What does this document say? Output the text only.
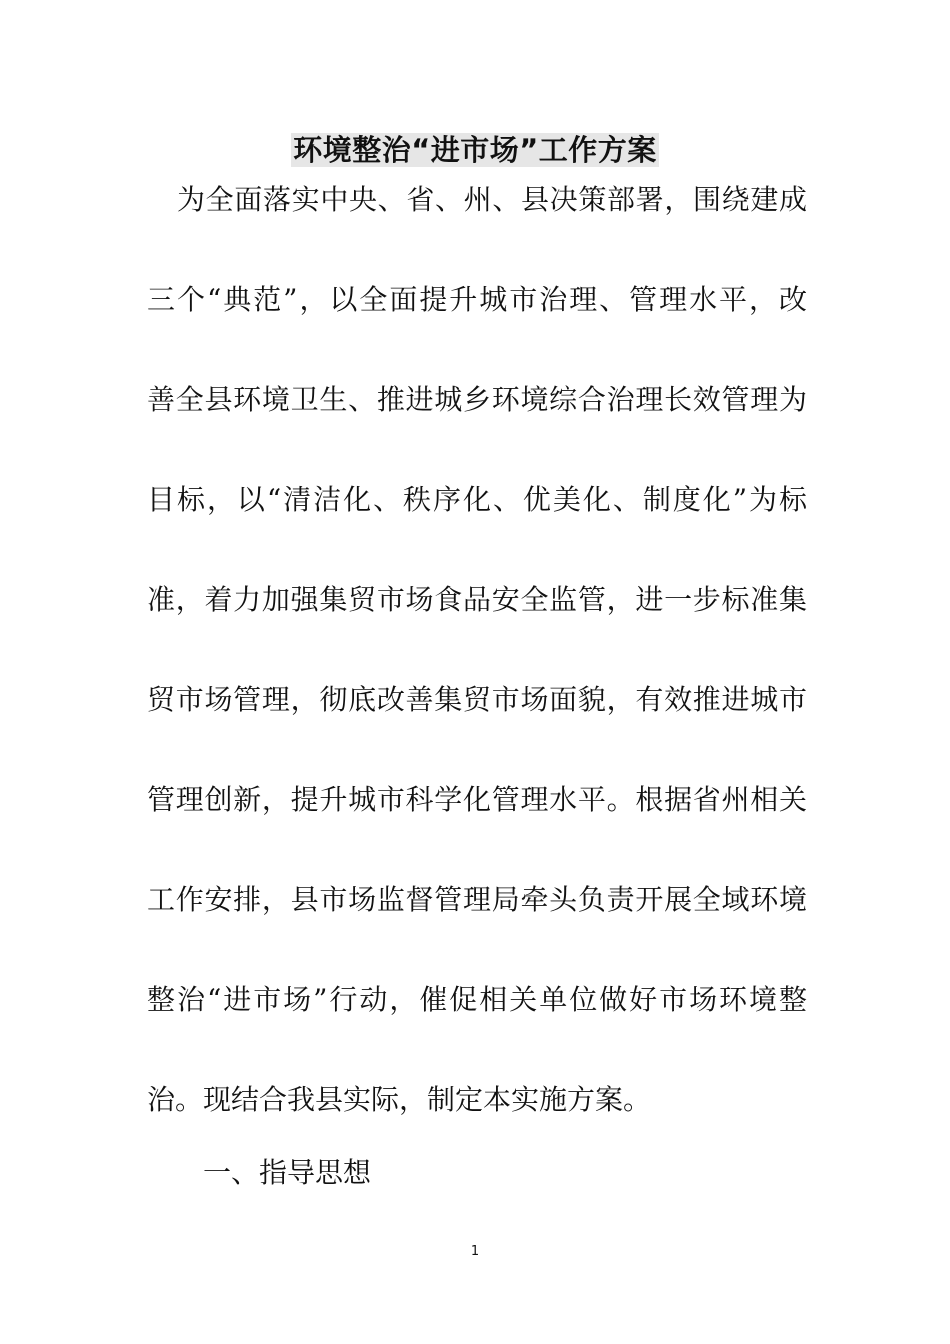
环境整治“进市场”工作方案
为全面落实中央、省、州、县决策部署，围绕建成
三个“典范”，以全面提升城市治理、管理水平，改
善全县环境卫生、推进城乡环境综合治理长效管理为
目标，以“清洁化、秩序化、优美化、制度化”为标
准，着力加强集贸市场食品安全监管，进一步标准集
贸市场管理，彻底改善集贸市场面貌，有效推进城市
管理创新，提升城市科学化管理水平。根据省州相关
工作安排，县市场监督管理局牵头负责开展全域环境
整治“进市场”行动，催促相关单位做好市场环境整
治。现结合我县实际，制定本实施方案。
一、指导思想
1
